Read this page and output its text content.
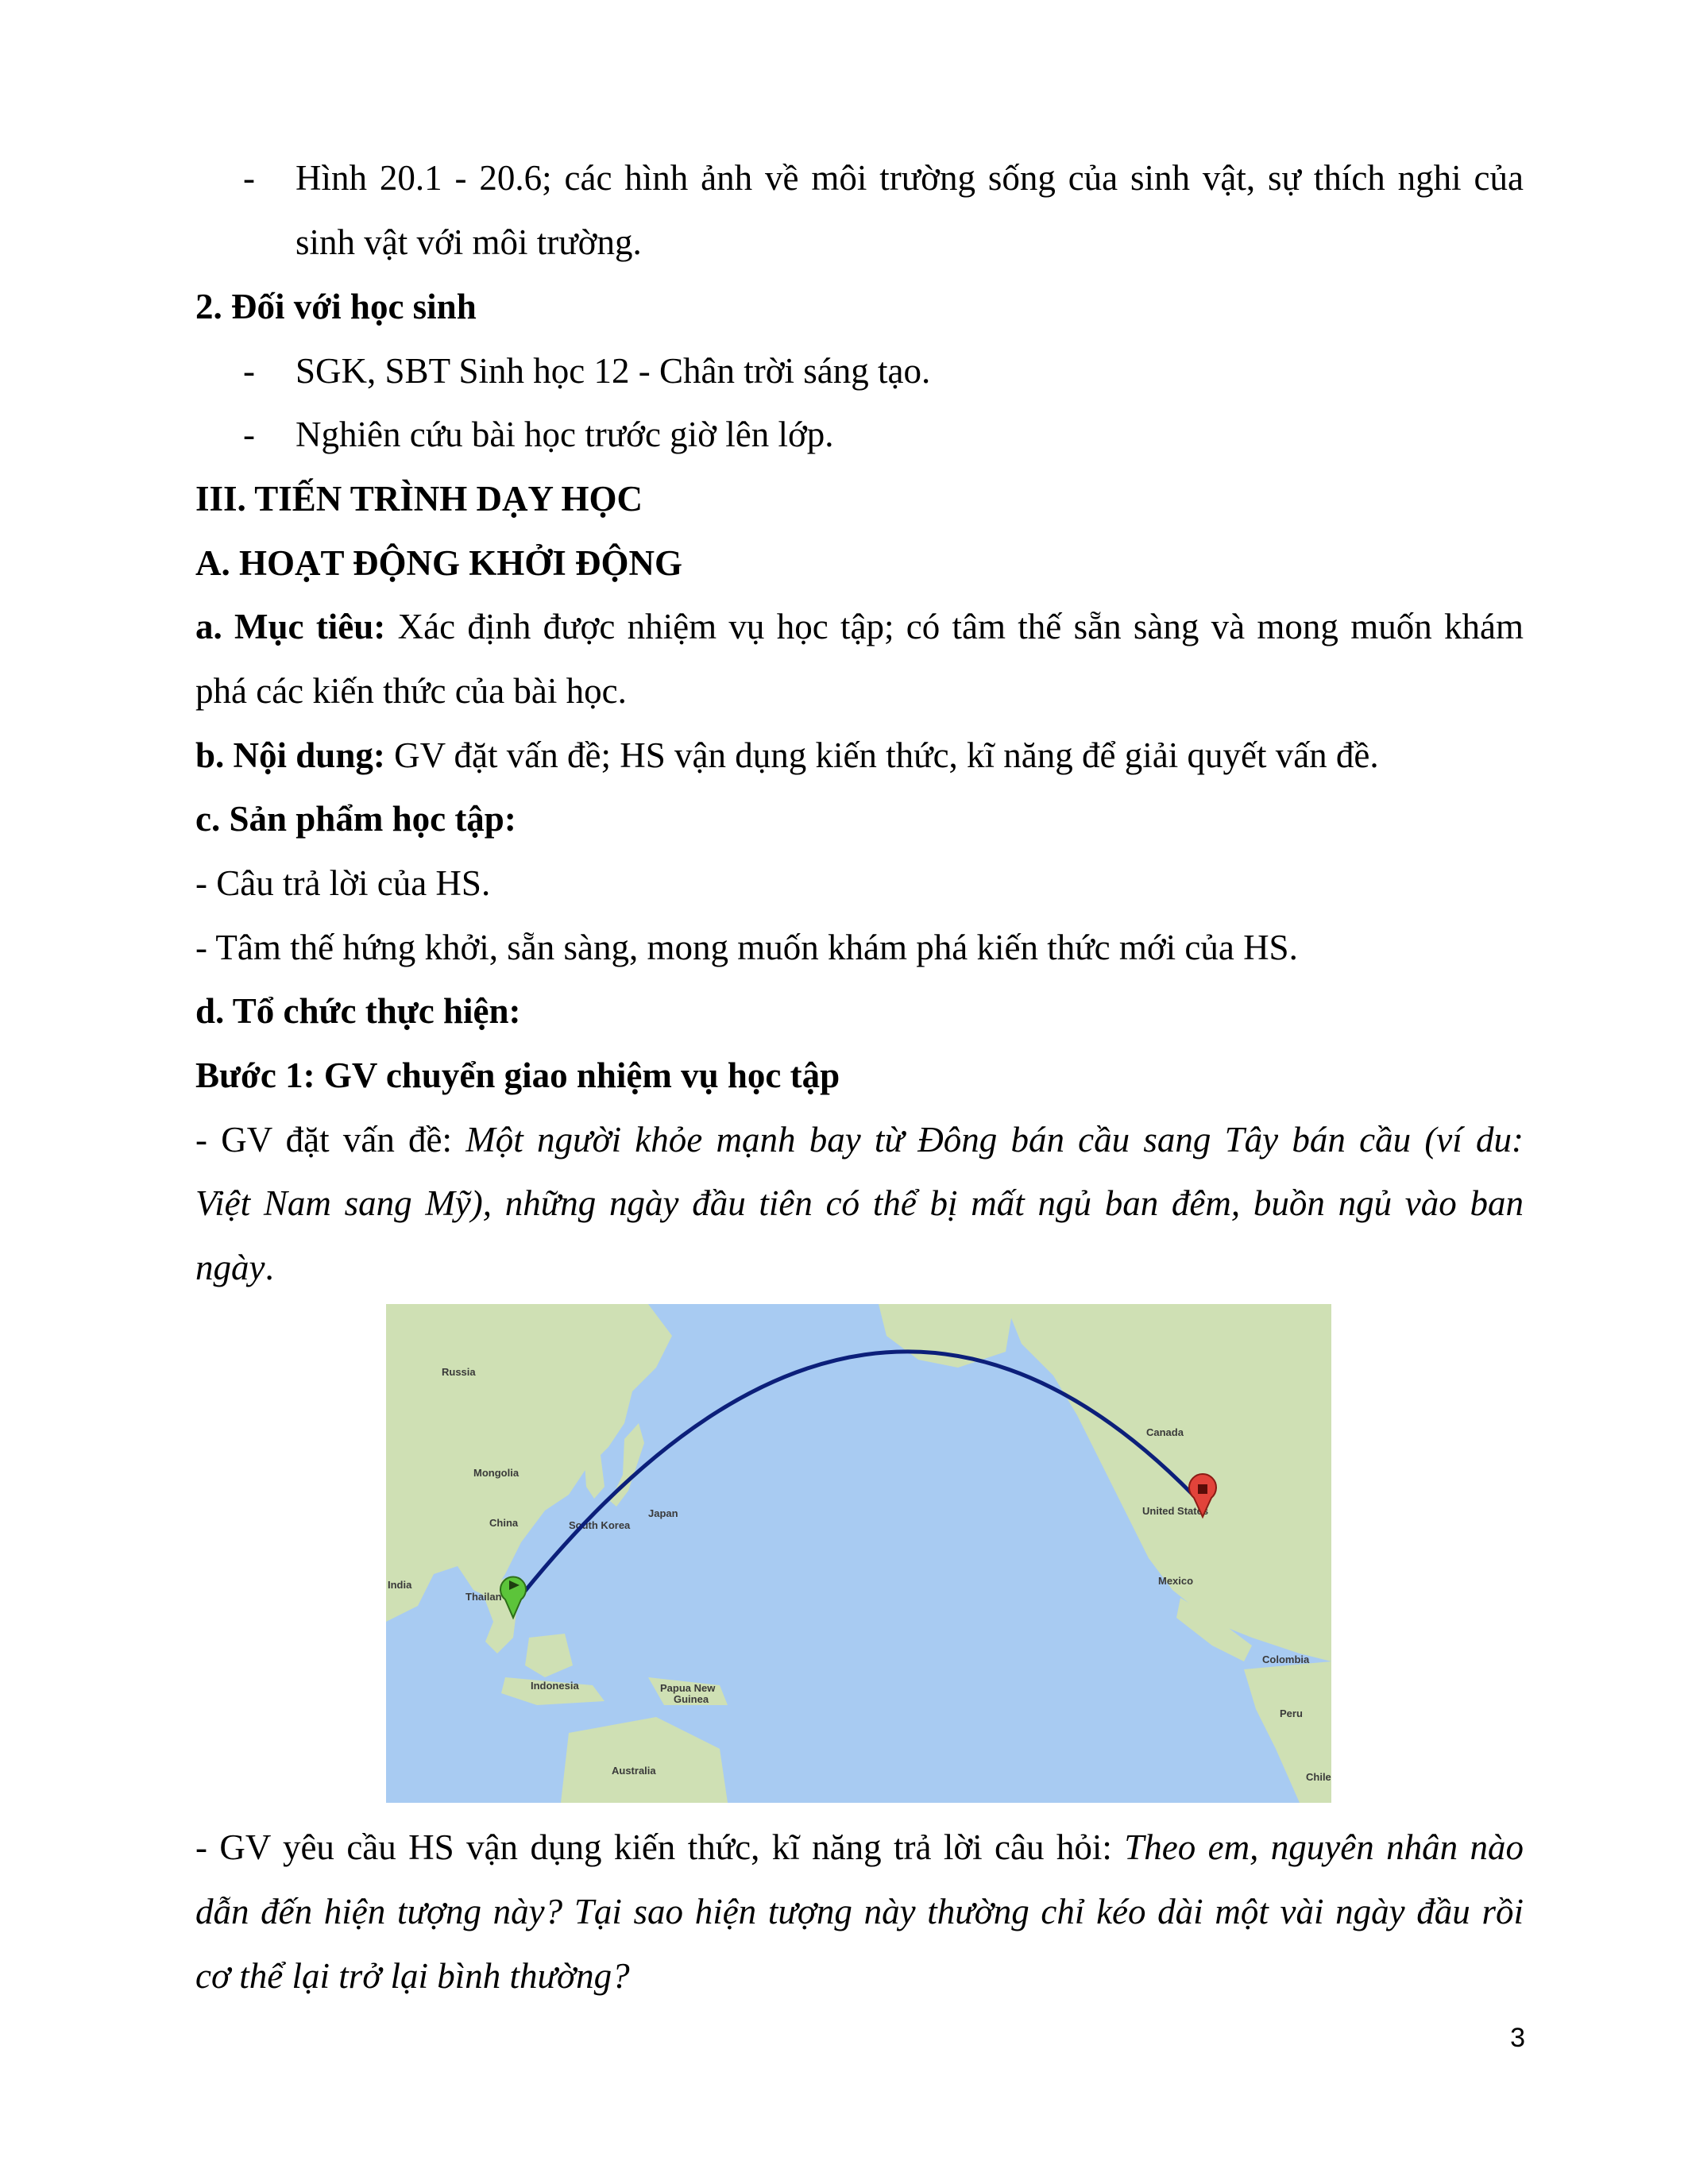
- Hình 20.1 - 20.6; các hình ảnh về môi trường sống của sinh vật, sự thích nghi của
sinh vật với môi trường.
2. Đối với học sinh
- SGK, SBT Sinh học 12 - Chân trời sáng tạo.
- Nghiên cứu bài học trước giờ lên lớp.
III. TIẾN TRÌNH DẠY HỌC
A. HOẠT ĐỘNG KHỞI ĐỘNG
a. Mục tiêu: Xác định được nhiệm vụ học tập; có tâm thế sẵn sàng và mong muốn khám
phá các kiến thức của bài học.
b. Nội dung: GV đặt vấn đề; HS vận dụng kiến thức, kĩ năng để giải quyết vấn đề.
c. Sản phẩm học tập:
- Câu trả lời của HS.
- Tâm thế hứng khởi, sẵn sàng, mong muốn khám phá kiến thức mới của HS.
d. Tổ chức thực hiện:
Bước 1: GV chuyển giao nhiệm vụ học tập
- GV đặt vấn đề: Một người khỏe mạnh bay từ Đông bán cầu sang Tây bán cầu (ví du:
Việt Nam sang Mỹ), những ngày đầu tiên có thể bị mất ngủ ban đêm, buồn ngủ vào ban
ngày.
Russia
Mongolia
China	South Korea
Japan
India
Thailan
Indonesia	Papua New
Guinea
Australia
Canada
United States
Mexico
Colombia
Peru
Chile
- GV yêu cầu HS vận dụng kiến thức, kĩ năng trả lời câu hỏi: Theo em, nguyên nhân nào
dẫn đến hiện tượng này? Tại sao hiện tượng này thường chỉ kéo dài một vài ngày đầu rồi
cơ thể lại trở lại bình thường?
3
